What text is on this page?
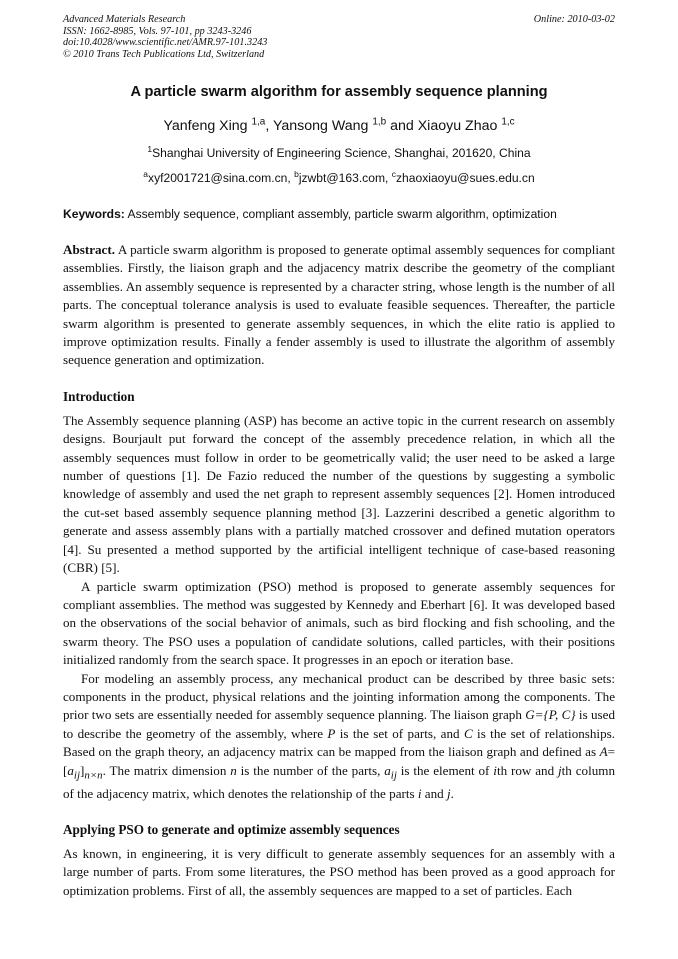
Advanced Materials Research
ISSN: 1662-8985, Vols. 97-101, pp 3243-3246
doi:10.4028/www.scientific.net/AMR.97-101.3243
© 2010 Trans Tech Publications Ltd, Switzerland
Online: 2010-03-02
A particle swarm algorithm for assembly sequence planning
Yanfeng Xing $^{1,a}$, Yansong Wang $^{1,b}$ and Xiaoyu Zhao $^{1,c}$
$^1$Shanghai University of Engineering Science, Shanghai, 201620, China
$^a$xyf2001721@sina.com.cn, $^b$jzwbt@163.com, $^c$zhaoxiaoyu@sues.edu.cn
Keywords: Assembly sequence, compliant assembly, particle swarm algorithm, optimization

Abstract. A particle swarm algorithm is proposed to generate optimal assembly sequences for compliant assemblies. Firstly, the liaison graph and the adjacency matrix describe the geometry of the compliant assemblies. An assembly sequence is represented by a character string, whose length is the number of all parts. The conceptual tolerance analysis is used to evaluate feasible sequences. Thereafter, the particle swarm algorithm is presented to generate assembly sequences, in which the elite ratio is applied to improve optimization results. Finally a fender assembly is used to illustrate the algorithm of assembly sequence generation and optimization.

Introduction

The Assembly sequence planning (ASP) has become an active topic in the current research on assembly designs. Bourjault put forward the concept of the assembly precedence relation, in which all the assembly sequences must follow in order to be geometrically valid; the user need to be asked a large number of questions [1]. De Fazio reduced the number of the questions by suggesting a symbolic knowledge of assembly and used the net graph to represent assembly sequences [2]. Homen introduced the cut-set based assembly sequence planning method [3]. Lazzerini described a genetic algorithm to generate and assess assembly plans with a partially matched crossover and defined mutation operators [4]. Su presented a method supported by the artificial intelligent technique of case-based reasoning (CBR) [5].

A particle swarm optimization (PSO) method is proposed to generate assembly sequences for compliant assemblies. The method was suggested by Kennedy and Eberhart [6]. It was developed based on the observations of the social behavior of animals, such as bird flocking and fish schooling, and the swarm theory. The PSO uses a population of candidate solutions, called particles, with their positions initialized randomly from the search space. It progresses in an epoch or iteration base.

For modeling an assembly process, any mechanical product can be described by three basic sets: components in the product, physical relations and the jointing information among the components. The prior two sets are essentially needed for assembly sequence planning. The liaison graph G={P, C} is used to describe the geometry of the assembly, where P is the set of parts, and C is the set of relationships. Based on the graph theory, an adjacency matrix can be mapped from the liaison graph and defined as $A=[a_{ij}]_{n\times n}$. The matrix dimension n is the number of the parts, $a_{ij}$ is the element of ith row and jth column of the adjacency matrix, which denotes the relationship of the parts i and j.

Applying PSO to generate and optimize assembly sequences

As known, in engineering, it is very difficult to generate assembly sequences for an assembly with a large number of parts. From some literatures, the PSO method has been proved as a good approach for optimization problems. First of all, the assembly sequences are mapped to a set of particles. Each
